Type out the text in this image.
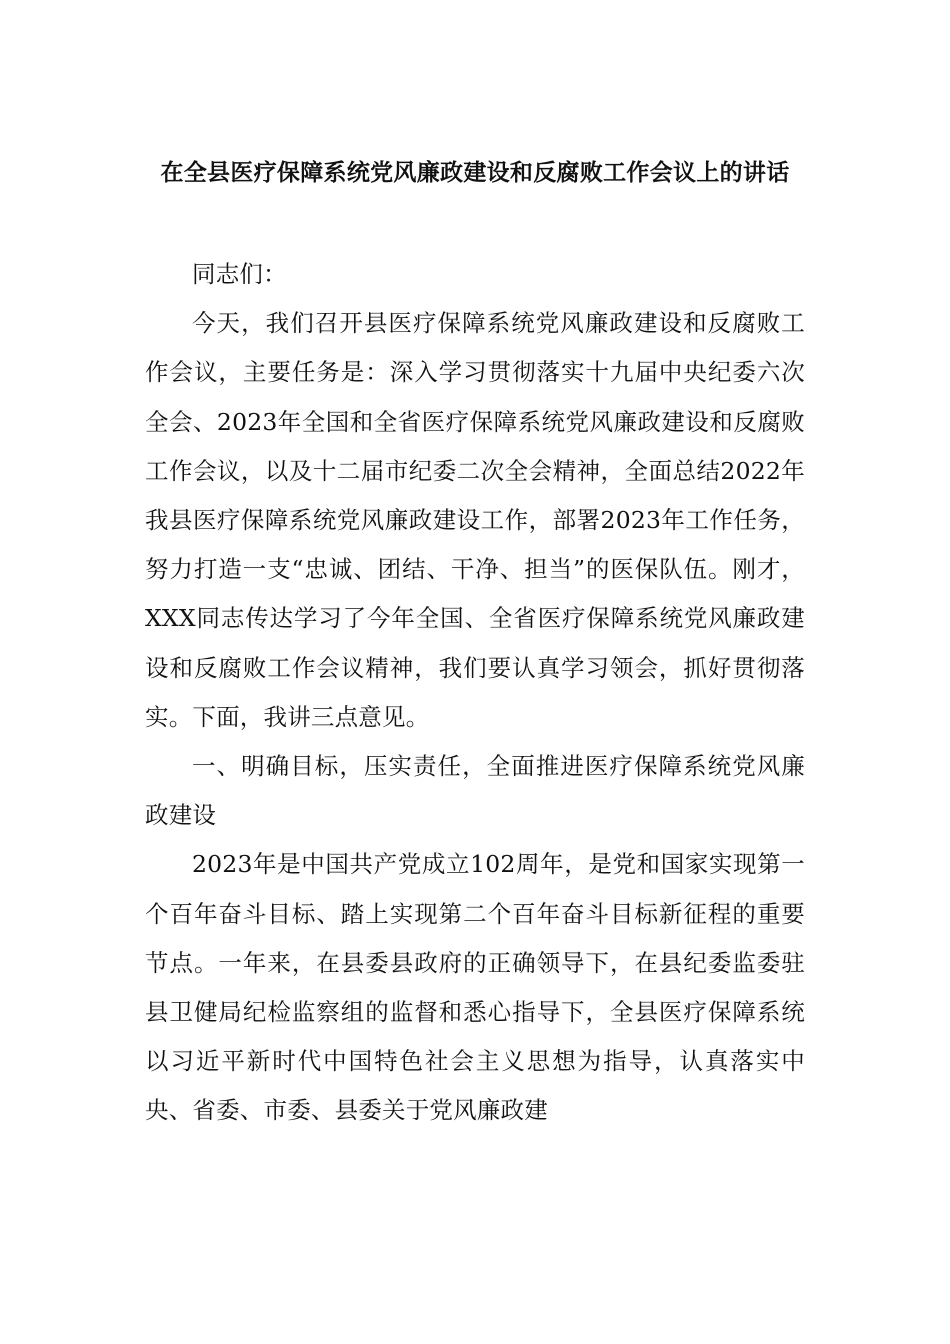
在全县医疗保障系统党风廉政建设和反腐败工作会议上的讲话

同志们：

今天，我们召开县医疗保障系统党风廉政建设和反腐败工作会议，主要任务是：深入学习贯彻落实十九届中央纪委六次全会、2023年全国和全省医疗保障系统党风廉政建设和反腐败工作会议，以及十二届市纪委二次全会精神，全面总结2022年我县医疗保障系统党风廉政建设工作，部署2023年工作任务，努力打造一支“忠诚、团结、干净、担当”的医保队伍。刚才，XXX同志传达学习了今年全国、全省医疗保障系统党风廉政建设和反腐败工作会议精神，我们要认真学习领会，抓好贯彻落实。下面，我讲三点意见。

一、明确目标，压实责任，全面推进医疗保障系统党风廉政建设

2023年是中国共产党成立102周年，是党和国家实现第一个百年奋斗目标、踏上实现第二个百年奋斗目标新征程的重要节点。一年来，在县委县政府的正确领导下，在县纪委监委驻县卫健局纪检监察组的监督和悉心指导下，全县医疗保障系统以习近平新时代中国特色社会主义思想为指导，认真落实中央、省委、市委、县委关于党风廉政建
